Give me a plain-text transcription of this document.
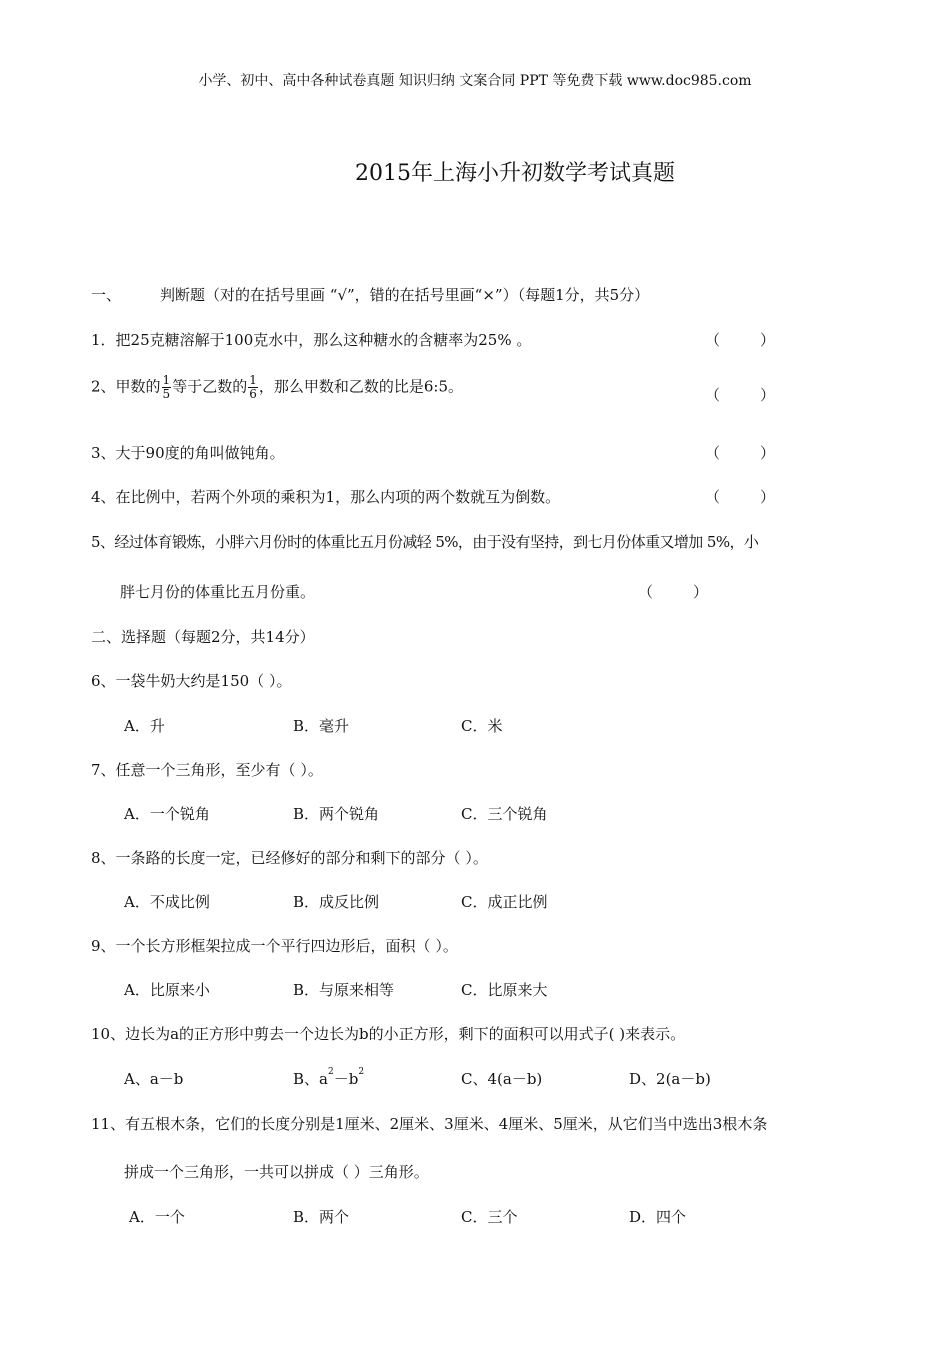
小学、初中、高中各种试卷真题 知识归纳 文案合同 PPT 等免费下载 www.doc985.com
2015年上海小升初数学考试真题
一、	判断题（对的在括号里画 “√”，错的在括号里画“×”）（每题1分，共5分）
1．把25克糖溶解于100克水中，那么这种糖水的含糖率为25% 。	（	）
2、甲数的 $\frac{1}{5}$ 等于乙数的 $\frac{1}{6}$ ，那么甲数和乙数的比是6:5。	（	）
3、大于90度的角叫做钝角。	（	）
4、在比例中，若两个外项的乘积为1，那么内项的两个数就互为倒数。	（	）
5、经过体育锻炼，小胖六月份时的体重比五月份减轻 5%，由于没有坚持，到七月份体重又增加 5%，小
胖七月份的体重比五月份重。	（	）
二、选择题（每题2分，共14分）
6、一袋牛奶大约是150（ ）。
A．升	B．毫升	C．米
7、任意一个三角形，至少有（ ）。
A．一个锐角	B．两个锐角	C．三个锐角
8、一条路的长度一定，已经修好的部分和剩下的部分（ ）。
A．不成比例	B．成反比例	C．成正比例
9、一个长方形框架拉成一个平行四边形后，面积（ ）。
A．比原来小	B．与原来相等	C．比原来大
10、边长为a的正方形中剪去一个边长为b的小正方形，剩下的面积可以用式子( )来表示。
A、a－b	B、$a^2-b^2$	C、4(a－b)	D、2(a－b)
11、有五根木条，它们的长度分别是1厘米、2厘米、3厘米、4厘米、5厘米，从它们当中选出3根木条
拼成一个三角形，一共可以拼成（ ）三角形。
A．一个	B．两个	C．三个	D．四个
